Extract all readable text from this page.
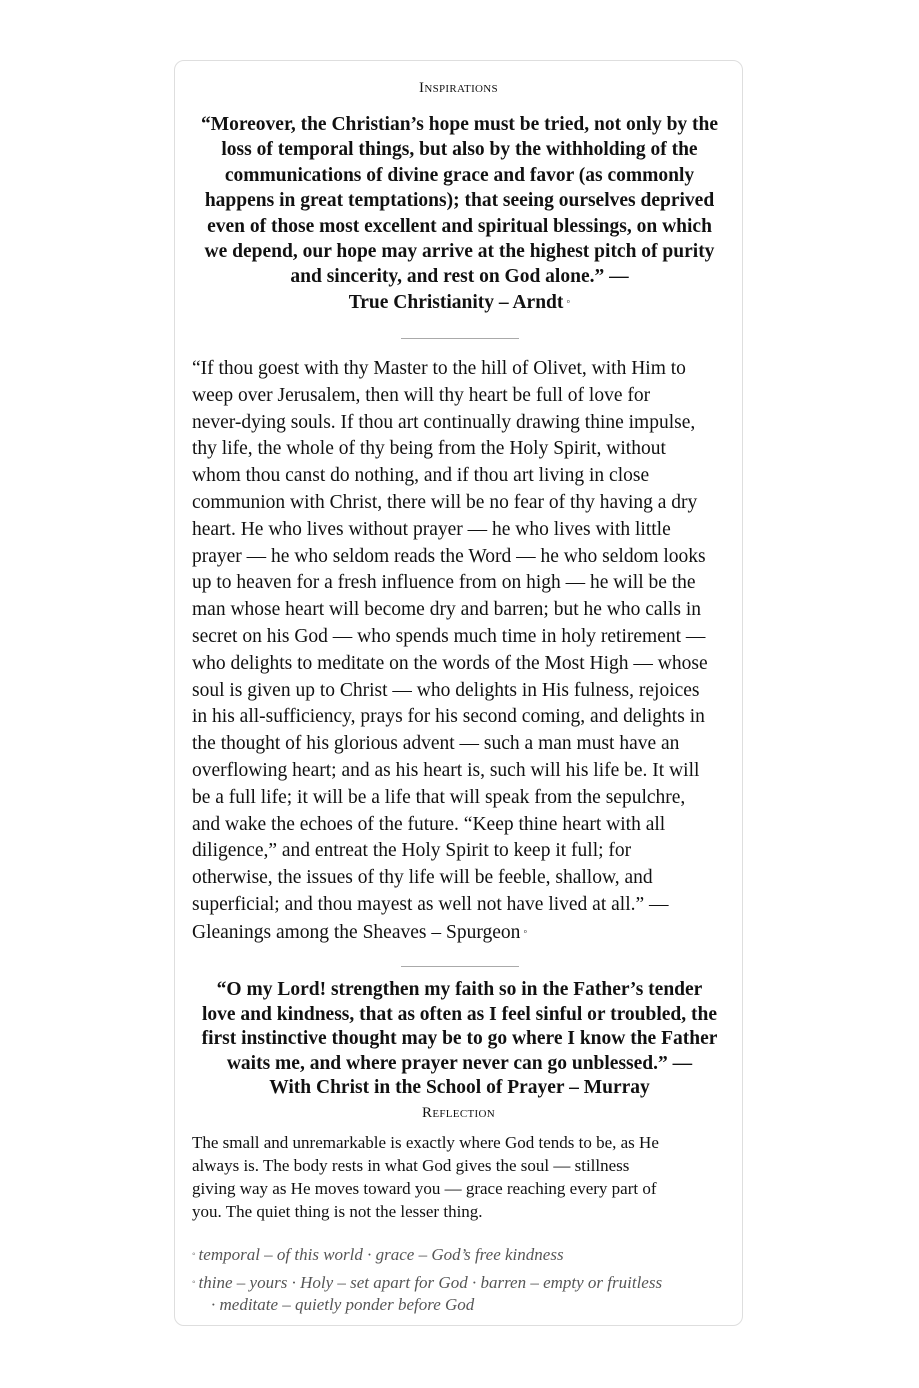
Inspirations
“Moreover, the Christian’s hope must be tried, not only by the
loss of temporal things, but also by the withholding of the
communications of divine grace and favor (as commonly
happens in great temptations); that seeing ourselves deprived
even of those most excellent and spiritual blessings, on which
we depend, our hope may arrive at the highest pitch of purity
and sincerity, and rest on God alone.” —
True Christianity – Arndt ◦
“If thou goest with thy Master to the hill of Olivet, with Him to
weep over Jerusalem, then will thy heart be full of love for
never-dying souls. If thou art continually drawing thine impulse,
thy life, the whole of thy being from the Holy Spirit, without
whom thou canst do nothing, and if thou art living in close
communion with Christ, there will be no fear of thy having a dry
heart. He who lives without prayer — he who lives with little
prayer — he who seldom reads the Word — he who seldom looks
up to heaven for a fresh influence from on high — he will be the
man whose heart will become dry and barren; but he who calls in
secret on his God — who spends much time in holy retirement —
who delights to meditate on the words of the Most High — whose
soul is given up to Christ — who delights in His fulness, rejoices
in his all-sufficiency, prays for his second coming, and delights in
the thought of his glorious advent — such a man must have an
overflowing heart; and as his heart is, such will his life be. It will
be a full life; it will be a life that will speak from the sepulchre,
and wake the echoes of the future. “Keep thine heart with all
diligence,” and entreat the Holy Spirit to keep it full; for
otherwise, the issues of thy life will be feeble, shallow, and
superficial; and thou mayest as well not have lived at all.” —
Gleanings among the Sheaves – Spurgeon ◦
“O my Lord! strengthen my faith so in the Father’s tender
love and kindness, that as often as I feel sinful or troubled, the
first instinctive thought may be to go where I know the Father
waits me, and where prayer never can go unblessed.” —
With Christ in the School of Prayer – Murray
Reflection
The small and unremarkable is exactly where God tends to be, as He
always is. The body rests in what God gives the soul — stillness
giving way as He moves toward you — grace reaching every part of
you. The quiet thing is not the lesser thing.
◦ temporal – of this world · grace – God’s free kindness
◦ thine – yours · Holy – set apart for God · barren – empty or fruitless
· meditate – quietly ponder before God
